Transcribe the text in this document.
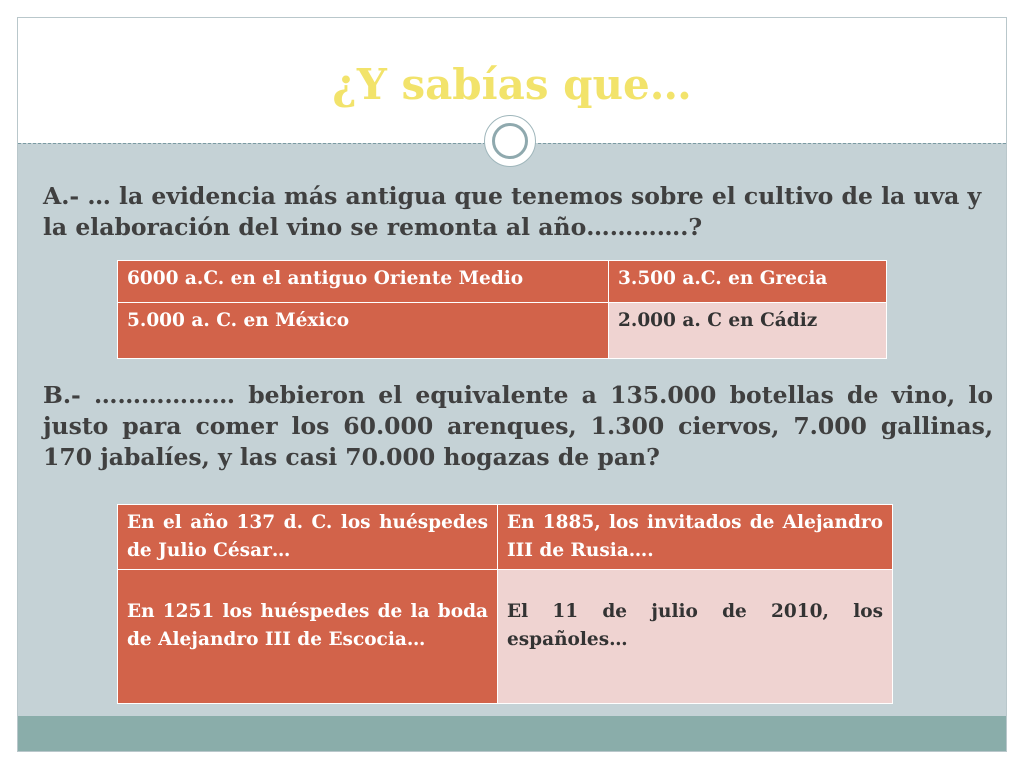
¿Y sabías que…
A.- … la evidencia más antigua que tenemos sobre el cultivo de la uva y la elaboración del vino se remonta al año………….?
6000 a.C. en el antiguo Oriente Medio	3.500 a.C. en Grecia
5.000 a. C. en México	2.000 a. C en Cádiz
B.- ……………… bebieron el equivalente a 135.000 botellas de vino, lo justo para comer los 60.000 arenques, 1.300 ciervos, 7.000 gallinas, 170 jabalíes, y las casi 70.000 hogazas de pan?
En el año 137 d. C. los huéspedes de Julio César…	En 1885, los invitados de Alejandro III de Rusia….
En 1251 los huéspedes de la boda de Alejandro III de Escocia…	El 11 de julio de 2010, los españoles…
